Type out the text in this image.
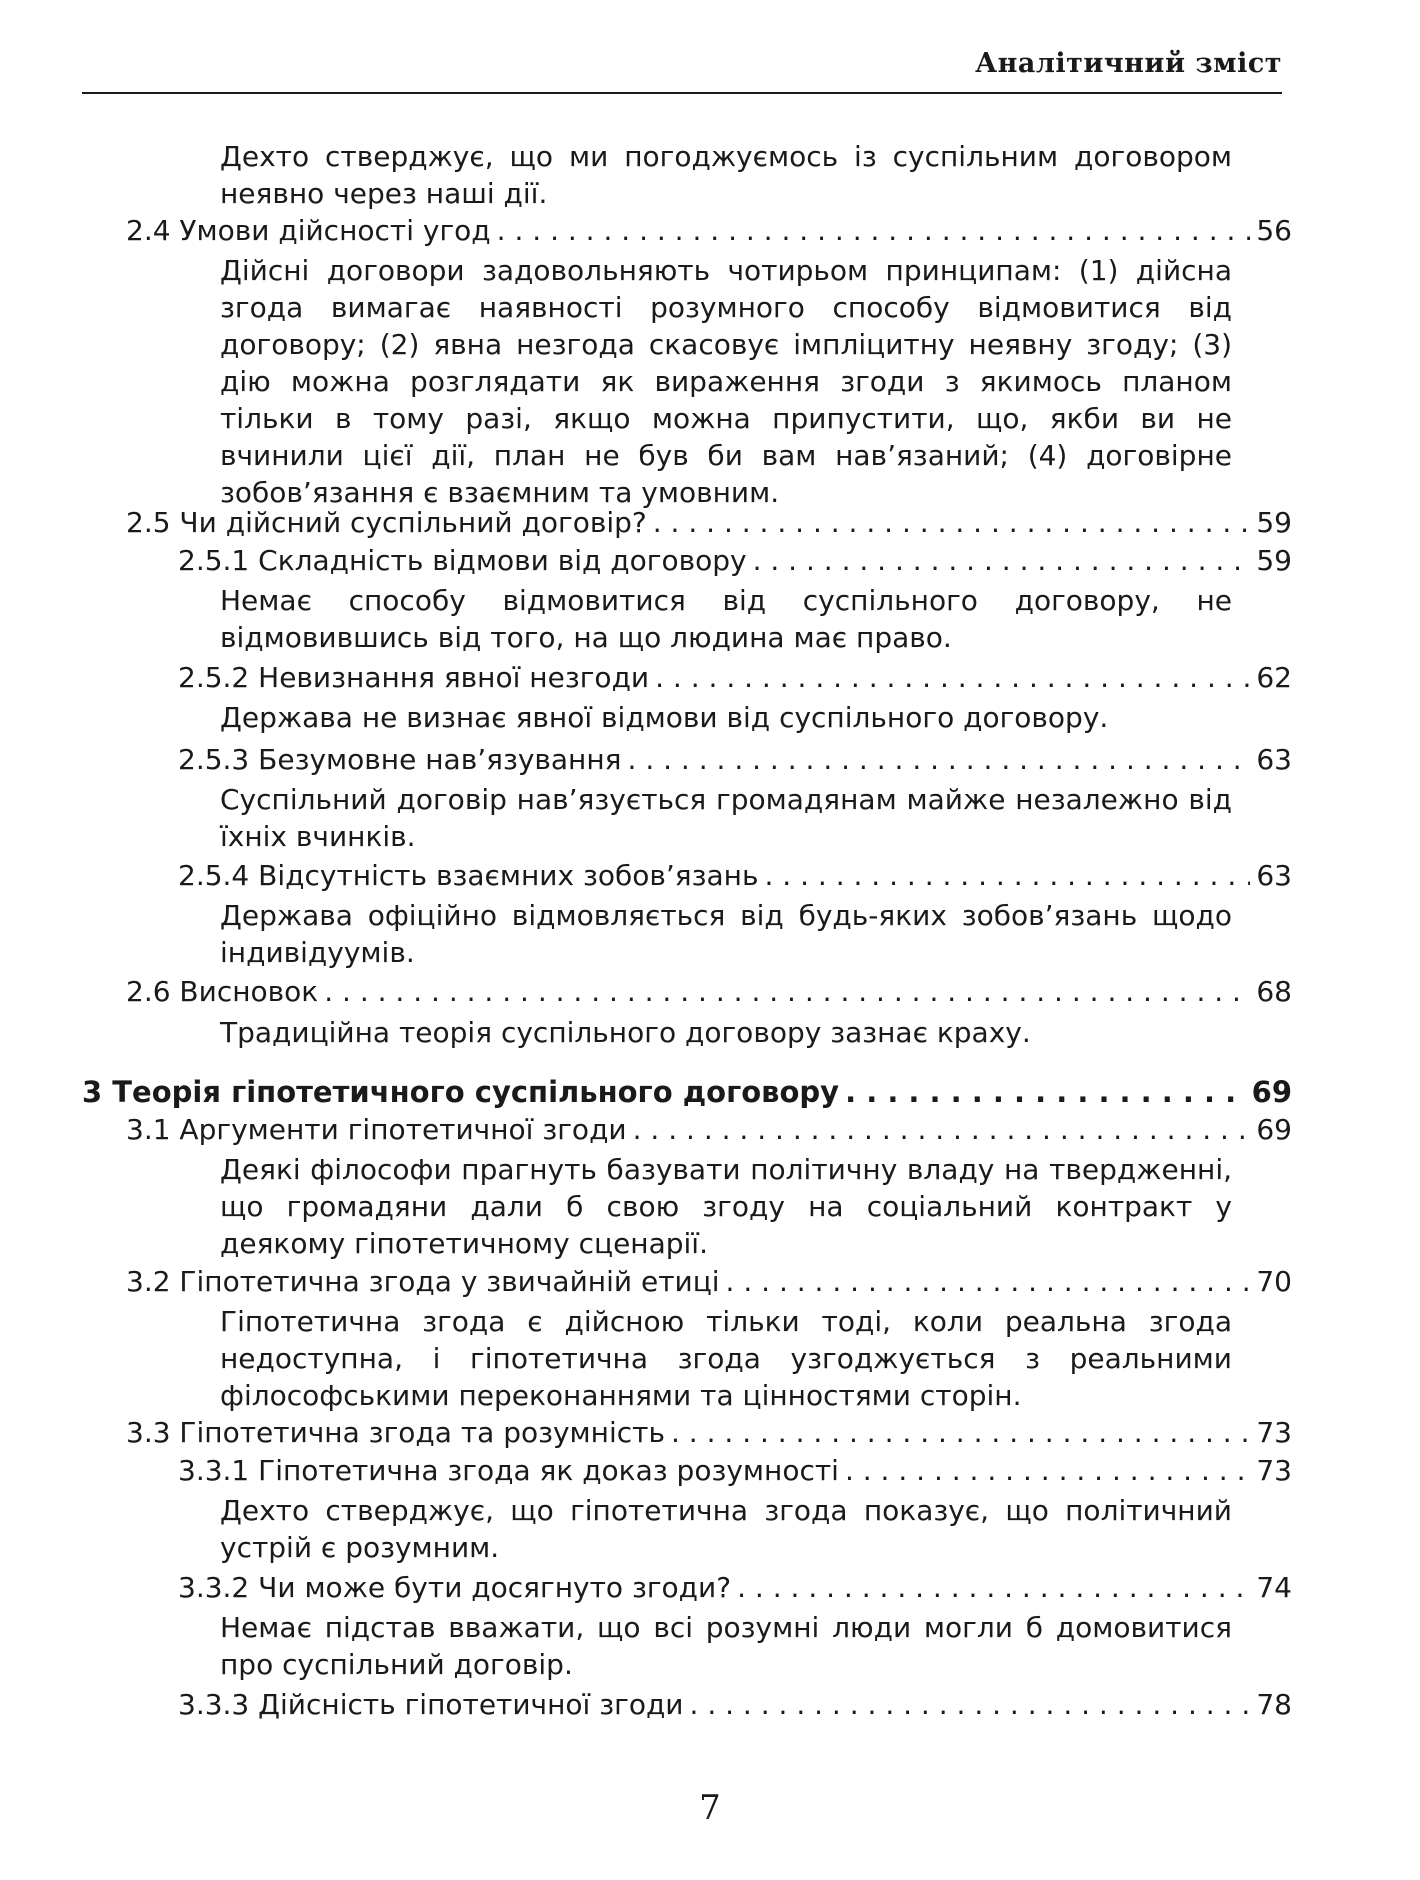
Аналітичний зміст
Дехто стверджує, що ми погоджуємось із суспільним договором неявно через наші дії.
2.4 Умови дійсності угод . . .	56
Дійсні договори задовольняють чотирьом принципам: (1) дійсна згода вимагає наявності розумного способу відмовитися від договору; (2) явна незгода скасовує імпліцитну неявну згоду; (3) дію можна розглядати як вираження згоди з якимось планом тільки в тому разі, якщо можна припустити, що, якби ви не вчинили цієї дії, план не був би вам нав’язаний; (4) договірне зобов’язання є взаємним та умовним.
2.5 Чи дійсний суспільний договір? . . .	59
2.5.1 Складність відмови від договору . . .	59
Немає способу відмовитися від суспільного договору, не відмовившись від того, на що людина має право.
2.5.2 Невизнання явної незгоди . . .	62
Держава не визнає явної відмови від суспільного договору.
2.5.3 Безумовне нав’язування . . .	63
Суспільний договір нав’язується громадянам майже незалежно від їхніх вчинків.
2.5.4 Відсутність взаємних зобов’язань . . .	63
Держава офіційно відмовляється від будь-яких зобов’язань щодо індивідуумів.
2.6 Висновок . . .	68
Традиційна теорія суспільного договору зазнає краху.
3 Теорія гіпотетичного суспільного договору . . .	69
3.1 Аргументи гіпотетичної згоди . . .	69
Деякі філософи прагнуть базувати політичну владу на твердженні, що громадяни дали б свою згоду на соціальний контракт у деякому гіпотетичному сценарії.
3.2 Гіпотетична згода у звичайній етиці . . .	70
Гіпотетична згода є дійсною тільки тоді, коли реальна згода недоступна, і гіпотетична згода узгоджується з реальними філософськими переконаннями та цінностями сторін.
3.3 Гіпотетична згода та розумність . . .	73
3.3.1 Гіпотетична згода як доказ розумності . . .	73
Дехто стверджує, що гіпотетична згода показує, що політичний устрій є розумним.
3.3.2 Чи може бути досягнуто згоди? . . .	74
Немає підстав вважати, що всі розумні люди могли б домовитися про суспільний договір.
3.3.3 Дійсність гіпотетичної згоди . . .	78
7
